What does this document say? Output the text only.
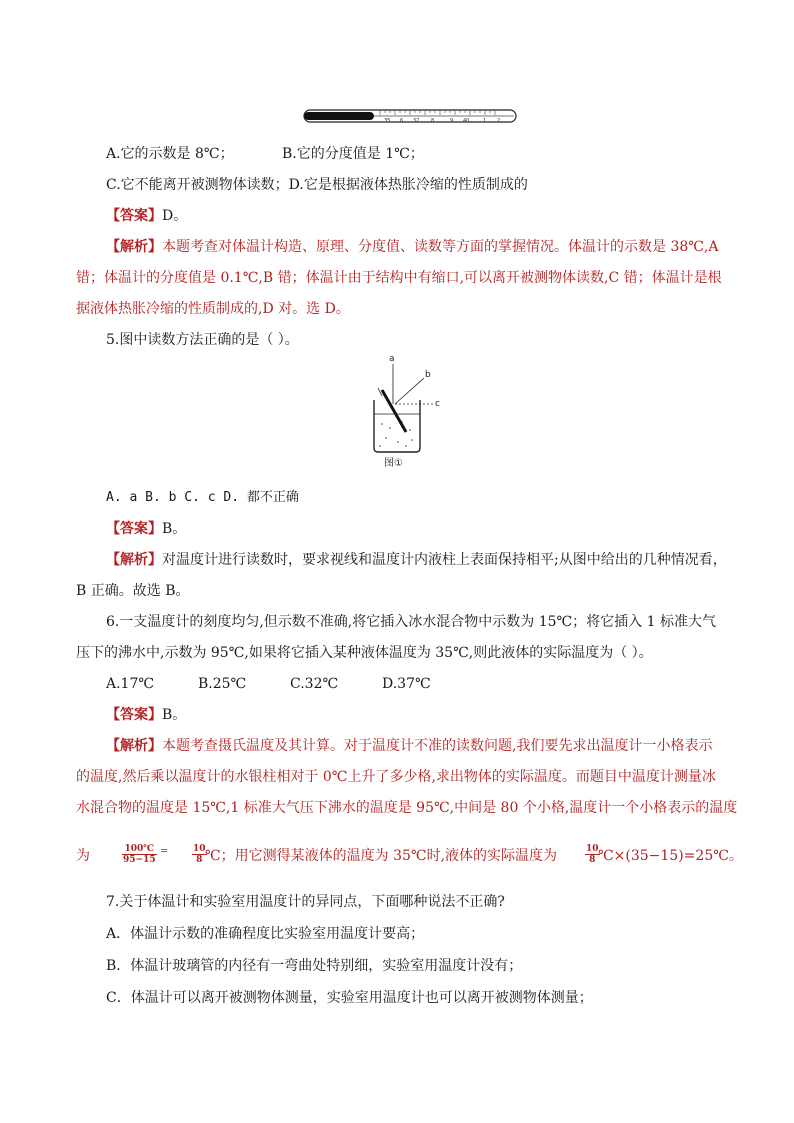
35 6 37 8	9 40	1 2
A.它的示数是 8℃；	B.它的分度值是 1℃；
C.它不能离开被测物体读数；D.它是根据液体热胀冷缩的性质制成的
【答案】D。
【解析】本题考查对体温计构造、原理、分度值、读数等方面的掌握情况。体温计的示数是 38℃,A
错；体温计的分度值是 0.1℃,B 错；体温计由于结构中有缩口,可以离开被测物体读数,C 错；体温计是根
据液体热胀冷缩的性质制成的,D 对。选 D。
5.图中读数方法正确的是（ ）。
a
b
c
图①
A. a B. b C. c D. 都不正确
【答案】B。
【解析】对温度计进行读数时，要求视线和温度计内液柱上表面保持相平;从图中给出的几种情况看，
B 正确。故选 B。
6.一支温度计的刻度均匀,但示数不准确,将它插入冰水混合物中示数为 15℃；将它插入 1 标准大气
压下的沸水中,示数为 95℃,如果将它插入某种液体温度为 35℃,则此液体的实际温度为（ ）。
A.17℃	B.25℃	C.32℃	D.37℃
【答案】B。
【解析】本题考查摄氏温度及其计算。对于温度计不准的读数问题,我们要先求出温度计一小格表示
的温度,然后乘以温度计的水银柱相对于 0℃上升了多少格,求出物体的实际温度。而题目中温度计测量冰
水混合物的温度是 15℃,1 标准大气压下沸水的温度是 95℃,中间是 80 个小格,温度计一个小格表示的温度
为	$\frac{100℃}{95-15}$ =	$\frac{10}{8}$
℃；用它测得某液体的温度为 35℃时,液体的实际温度为	$\frac{10}{8}$
℃×(35−15)=25℃。
7.关于体温计和实验室用温度计的异同点，下面哪种说法不正确?
A．体温计示数的准确程度比实验室用温度计要高；
B．体温计玻璃管的内径有一弯曲处特别细，实验室用温度计没有；
C．体温计可以离开被测物体测量，实验室用温度计也可以离开被测物体测量；
